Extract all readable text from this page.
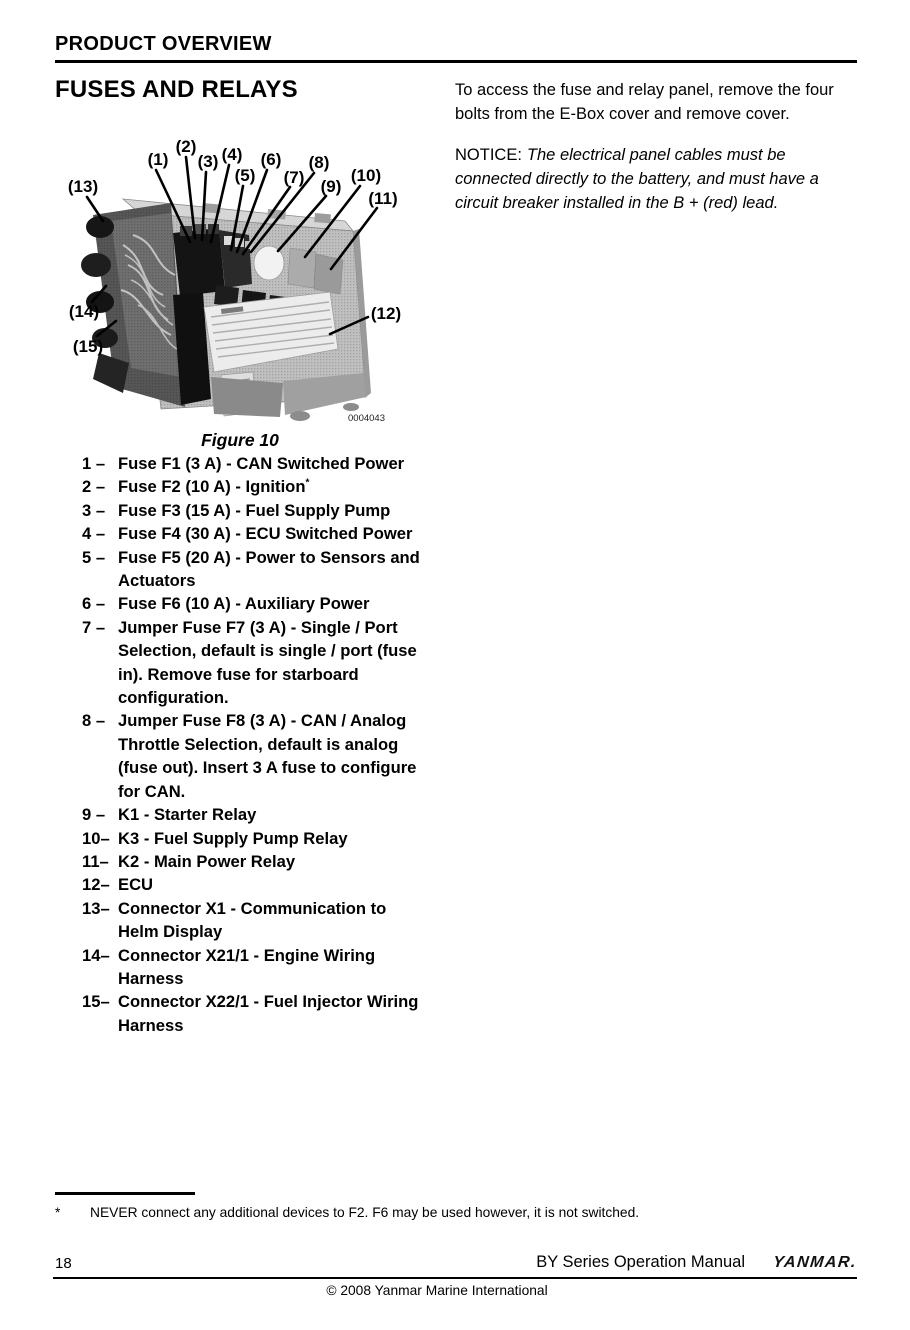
PRODUCT OVERVIEW
FUSES AND RELAYS	To access the fuse and relay panel, remove the four bolts from the E-Box cover and remove cover.

NOTICE: The electrical panel cables must be connected directly to the battery, and must have a circuit breaker installed in the B + (red) lead.

0004043
(1)
(2)
(3) (4)
(5)
(6)
(7)
(8)
(9)
(10)
(11)
(12)
(13)
(14)
(15)
Figure 10
1 – Fuse F1 (3 A) - CAN Switched Power
2 – Fuse F2 (10 A) - Ignition*
3 – Fuse F3 (15 A) - Fuel Supply Pump
4 – Fuse F4 (30 A) - ECU Switched Power
5 – Fuse F5 (20 A) - Power to Sensors and Actuators
6 – Fuse F6 (10 A) - Auxiliary Power
7 – Jumper Fuse F7 (3 A) - Single / Port Selection, default is single / port (fuse in). Remove fuse for starboard configuration.
8 – Jumper Fuse F8 (3 A) - CAN / Analog Throttle Selection, default is analog (fuse out). Insert 3 A fuse to configure for CAN.
9 – K1 - Starter Relay
10– K3 - Fuel Supply Pump Relay
11– K2 - Main Power Relay
12– ECU
13– Connector X1 - Communication to Helm Display
14– Connector X21/1 - Engine Wiring Harness
15– Connector X22/1 - Fuel Injector Wiring Harness
*	NEVER connect any additional devices to F2. F6 may be used however, it is not switched.
18	BY Series Operation Manual YANMAR.
© 2008 Yanmar Marine International
